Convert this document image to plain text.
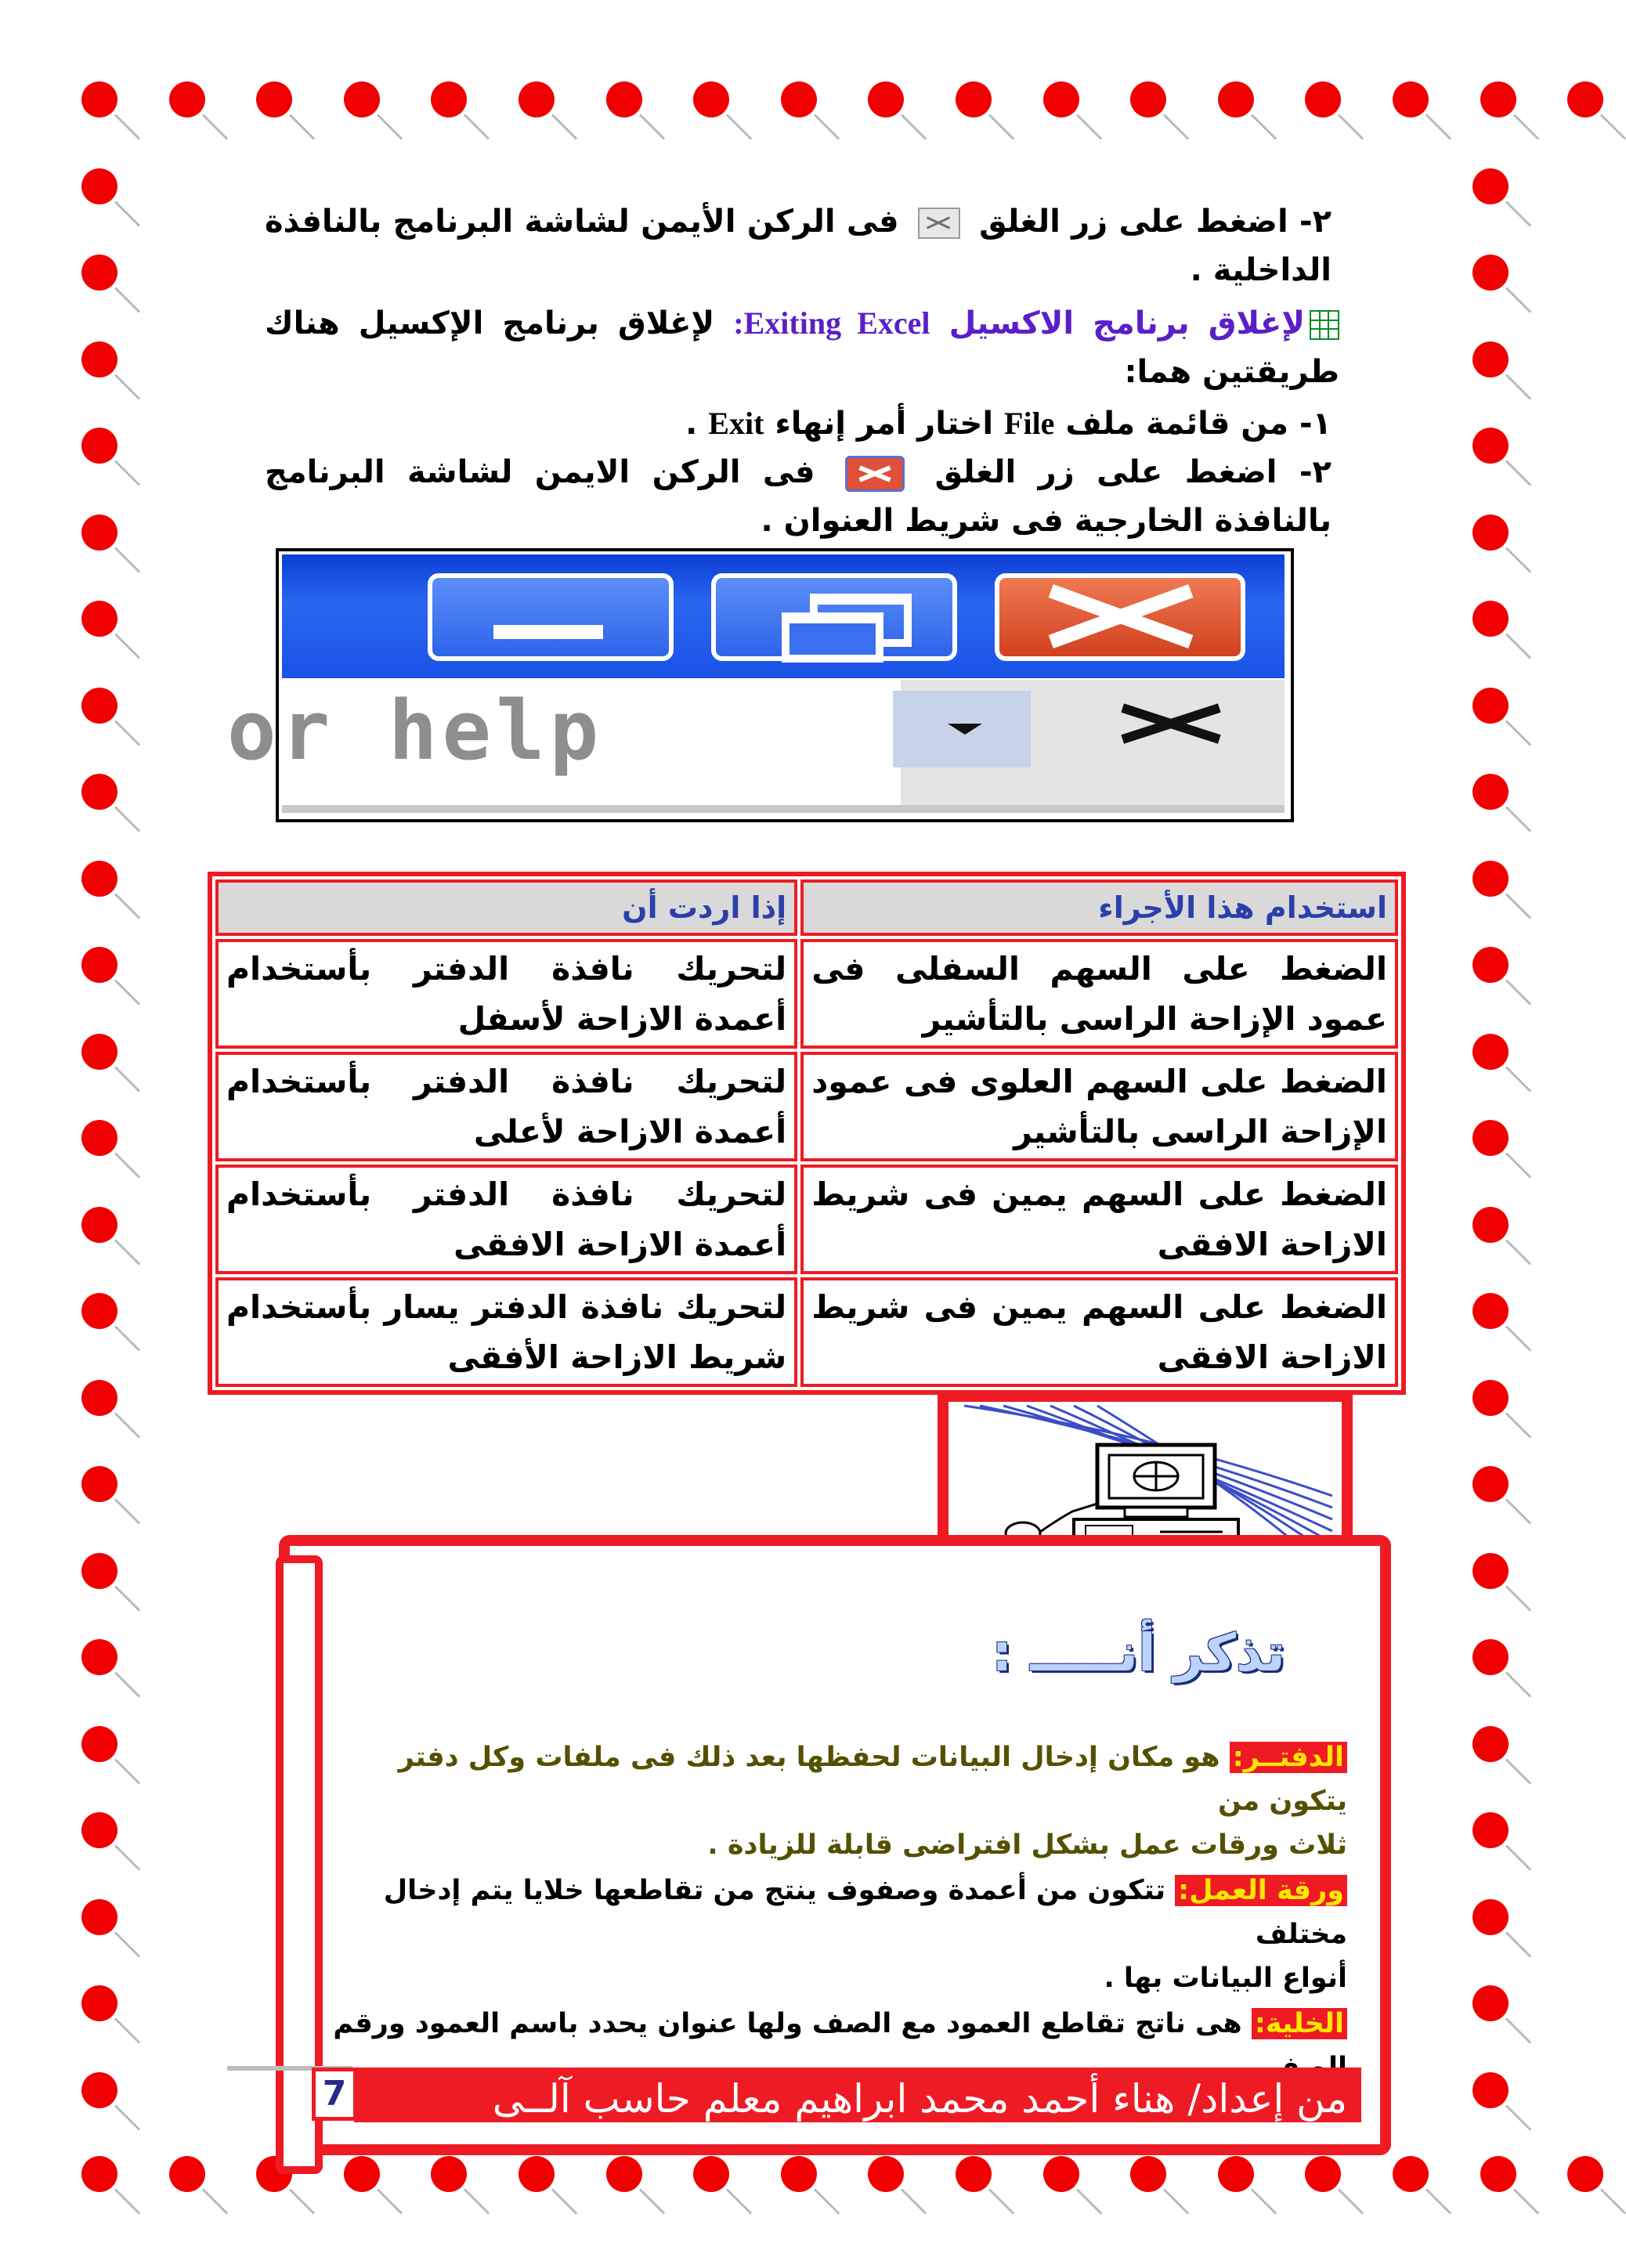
٢- اضغط على زر الغلق  فى الركن الأيمن لشاشة البرنامج بالنافذة الداخلية .
لإغلاق برنامج الاكسيل Exiting Excel: لإغلاق برنامج الإكسيل هناك طريقتين هما:
١- من قائمة ملف File اختار أمر إنهاء Exit .
٢- اضغط على زر الغلق  فى الركن الايمن لشاشة البرنامج بالنافذة الخارجية فى شريط العنوان .
or help
استخدام هذا الأجراء	إذا اردت أن
الضغط على السهم السفلى فى عمود الإزاحة الراسى بالتأشير	لتحريك نافذة الدفتر بأستخدام أعمدة الازاحة لأسفل
الضغط على السهم العلوى فى عمود الإزاحة الراسى بالتأشير	لتحريك نافذة الدفتر بأستخدام أعمدة الازاحة لأعلى
الضغط على السهم يمين فى شريط الازاحة الافقى	لتحريك نافذة الدفتر بأستخدام أعمدة الازاحة الافقى
الضغط على السهم يمين فى شريط الازاحة الافقى	لتحريك نافذة الدفتر يسار بأستخدام شريط الازاحة الأفقى
تذكر أنـــــ :
الدفتــر: هو مكان إدخال البيانات لحفظها بعد ذلك فى ملفات وكل دفتر يتكون من
ثلاث ورقات عمل بشكل افتراضى قابلة للزيادة .
ورقة العمل: تتكون من أعمدة وصفوف ينتج من تقاطعها خلايا يتم إدخال مختلف
أنواع البيانات بها .
الخلية: هى ناتج تقاطع العمود مع الصف ولها عنوان يحدد باسم العمود ورقم
7	من إعداد/ هناء أحمد محمد ابراهيم معلم حاسب آلــى
